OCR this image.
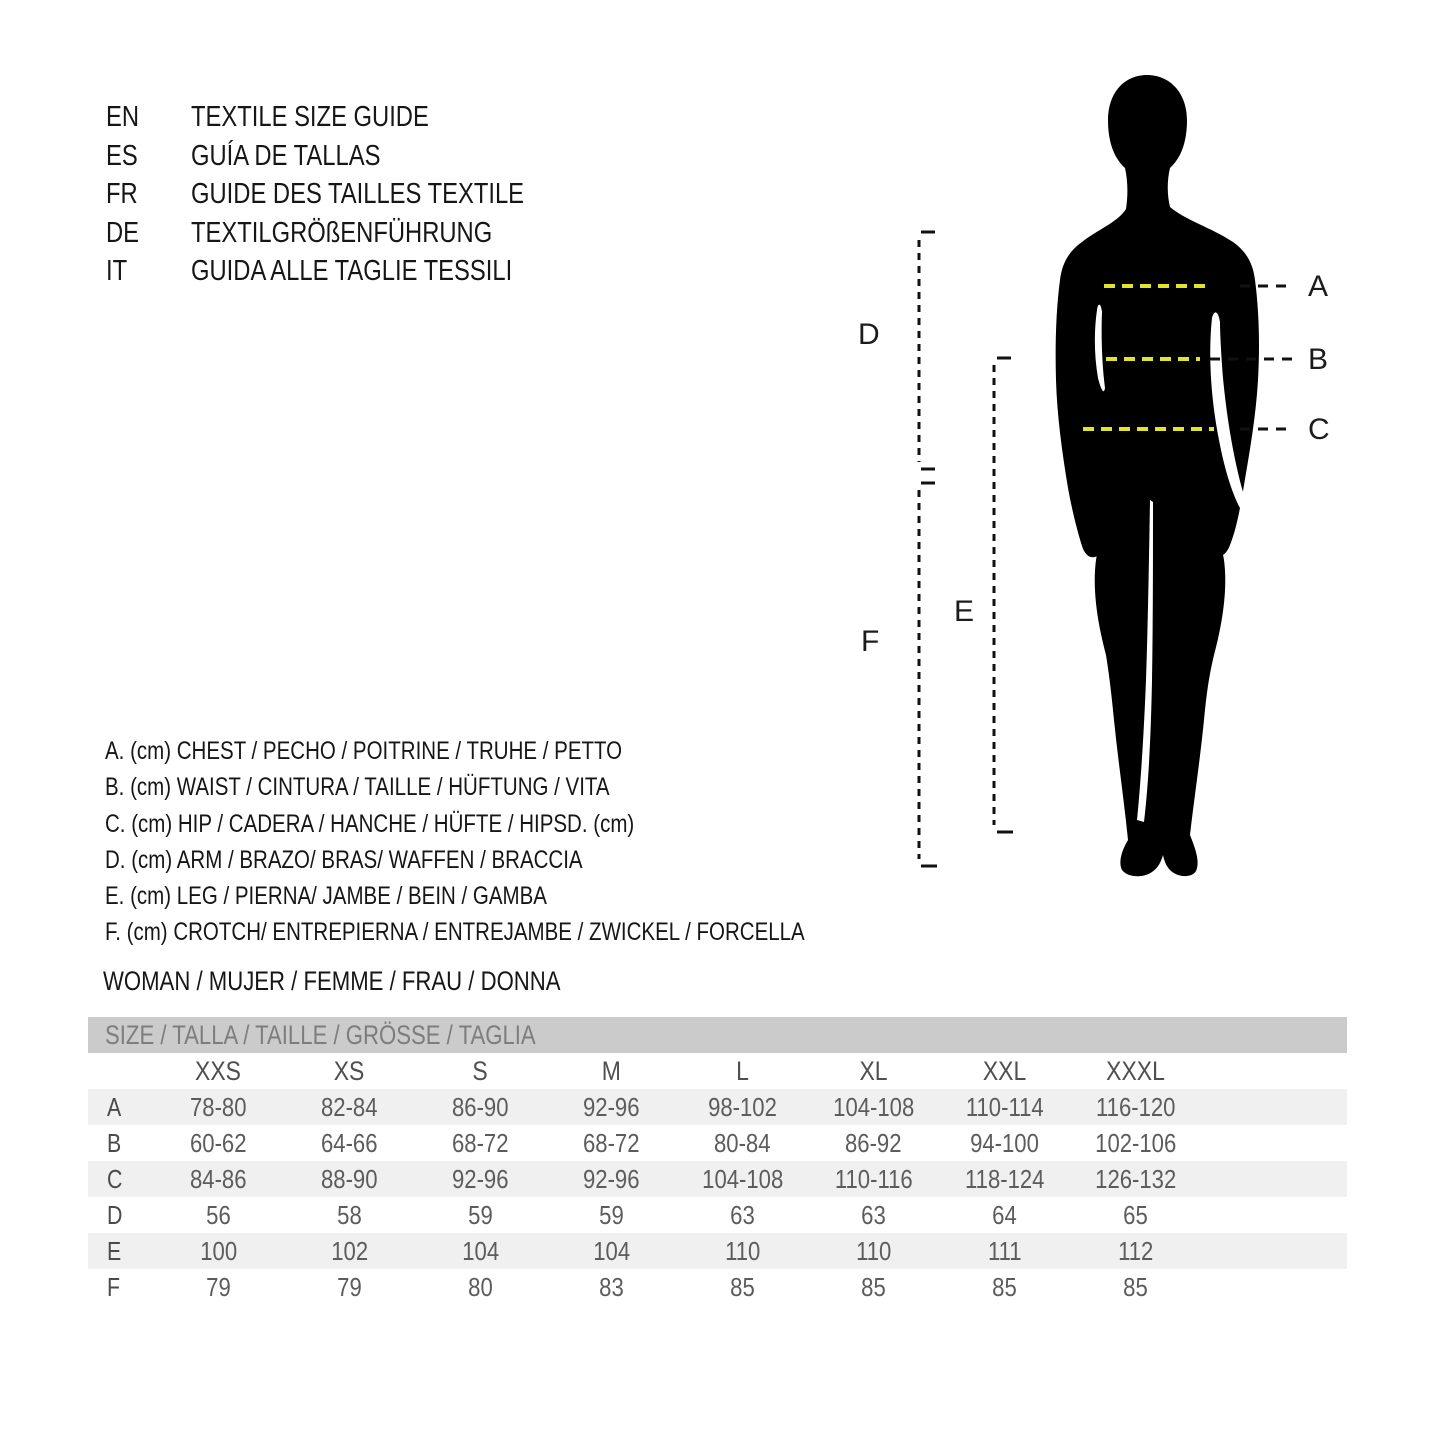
EN TEXTILE SIZE GUIDE
ES GUÍA DE TALLAS
FR GUIDE DES TAILLES TEXTILE
DE TEXTILGRÖßENFÜHRUNG
IT GUIDA ALLE TAGLIE TESSILI
A. (cm) CHEST / PECHO / POITRINE / TRUHE / PETTO
B. (cm) WAIST / CINTURA / TAILLE / HÜFTUNG / VITA
C. (cm) HIP / CADERA / HANCHE / HÜFTE / HIPSD. (cm)
D. (cm) ARM / BRAZO/ BRAS/ WAFFEN / BRACCIA
E. (cm) LEG / PIERNA/ JAMBE / BEIN / GAMBA
F. (cm) CROTCH/ ENTREPIERNA / ENTREJAMBE / ZWICKEL / FORCELLA
WOMAN / MUJER / FEMME / FRAU / DONNA
SIZE / TALLA / TAILLE / GRÖSSE / TAGLIA
XXS	XS	S	M	L	XL	XXL	XXXL
A	78-80	82-84	86-90	92-96	98-102	104-108	110-114	116-120
B	60-62	64-66	68-72	68-72	80-84	86-92	94-100	102-106
C	84-86	88-90	92-96	92-96	104-108	110-116	118-124	126-132
D	56	58	59	59	63	63	64	65
E	100	102	104	104	110	110	111	112
F	79	79	80	83	85	85	85	85
A
B
C
D
E
F
